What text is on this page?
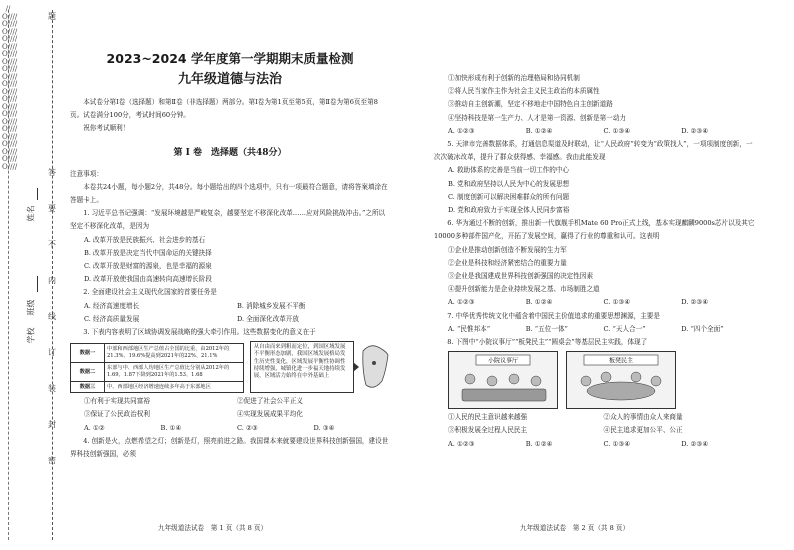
//O////O////O////O////O////O////O////O////O////O////O////O////O////O////O////O////O////O////O////O////O////
题
答
要
不
内
线
订
装
封
密
姓名
班级
学校
2023~2024 学年度第一学期期末质量检测
九年级道德与法治
本试卷分第Ⅰ卷（选择题）和第Ⅱ卷（非选择题）两部分。第Ⅰ卷为第1页至第5页，第Ⅱ卷为第6页至第8页。试卷满分100分，考试时间60分钟。
祝你考试顺利！
第 Ⅰ 卷　选择题（共48分）
注意事项：
本卷共24小题，每小题2分，共48分。每小题给出的四个选项中，只有一项最符合题意，请将答案填涂在答题卡上。
1. 习近平总书记强调：“发展环境越是严峻复杂，越要坚定不移深化改革……应对风险挑战冲击。”之所以坚定不移深化改革，是因为
A. 改革开放是民族振兴、社会进步的基石
B. 改革开放是决定当代中国命运的关键抉择
C. 改革开放是财富的源泉，也是幸福的源泉
D. 改革开放使我国由高速转向高速增长阶段
2. 全面建设社会主义现代化国家的首要任务是
A. 经济高速度增长	B. 消除城乡发展不平衡
C. 经济高质量发展	D. 全面深化改革开放
3. 下表内容表明了区域协调发展战略的强大牵引作用。这些数据变化的意义在于
数据一	中部和西部地区生产总值占全国的比重，由2012年的21.3%、19.6%提高到2021年的22%、21.1%
数据二	东部与中、西部人均地区生产总值比分别从2012年的1.69、1.87下降到2021年的1.53、1.68
数据三	中、西部地区经济增速连续多年高于东部地区
从自由而来到粗而定位，到国区域发展不平衡形态加剧，我国区域发展格局发生历史性变化，区域发展平衡性协调性持续增强，城镇化进一步福天地持续发展，区域活力始终在中外基础上
①有利于实现共同富裕	②促进了社会公平正义
③保证了公民政治权利	④实现发展成果平均化
A. ①②	B. ①④	C. ②③	D. ③④
4. 创新是火，点燃希望之灯；创新是灯，照亮前进之路。我国课本来就要建设世界科技创新强国，建设世界科技创新强国，必须
九年级道法试卷　第 1 页（共 8 页）
①加快形成有利于创新的治理格局和协同机制
②将人民当家作主作为社会主义民主政治的本质属性
③推动自主创新潮，坚定不移地走中国特色自主创新道路
④坚持科技是第一生产力、人才是第一资源、创新是第一动力
A. ①②③	B. ①②④	C. ①③④	D. ②③④
5. 天津市完善数据体系，打通信息渠道及时联动，让“人民政府”转变为“政策找人”，一项项制度创新，一次次破冰改革，提升了群众获得感、幸福感。我由此能发现
A. 救助体系的完善是当前一切工作的中心
B. 党和政府坚持以人民为中心的发展思想
C. 制度创新可以解决困难群众的所有问题
D. 党和政府致力于实现全体人民同步富裕
6. 华为通过不断的创新，推出新一代旗舰手机Mate 60 Pro正式上线，基本实现麒麟9000s芯片以及其它10000多种部件国产化，开拓了发展空间，赢得了行业的尊重和认可。这表明
①企业是推动创新创造不断发展的生力军
②企业是科技和经济紧密结合的重要力量
③企业是我国建成世界科技创新强国的决定性因素
④提升创新能力是企业持续发展之基、市场制胜之道
A. ①②③	B. ①②④	C. ①③④	D. ②③④
7. 中华优秀传统文化中蕴含着中国民主价值追求的重要思想渊源，主要是
A. “民惟邦本”	B. “五位一体”	C. “天人合一”	D. “四个全面”
8. 下图中“小院议事厅”“板凳民主”“圆桌会”等基层民主实践，体现了
小院议事厅	板凳民主
①人民的民主意识越来越强	②众人的事情由众人来商量
③积极发展全过程人民民主	④民主追求更加公平、公正
A. ①②③	B. ①②④	C. ①③④	D. ②③④
九年级道法试卷　第 2 页（共 8 页）
